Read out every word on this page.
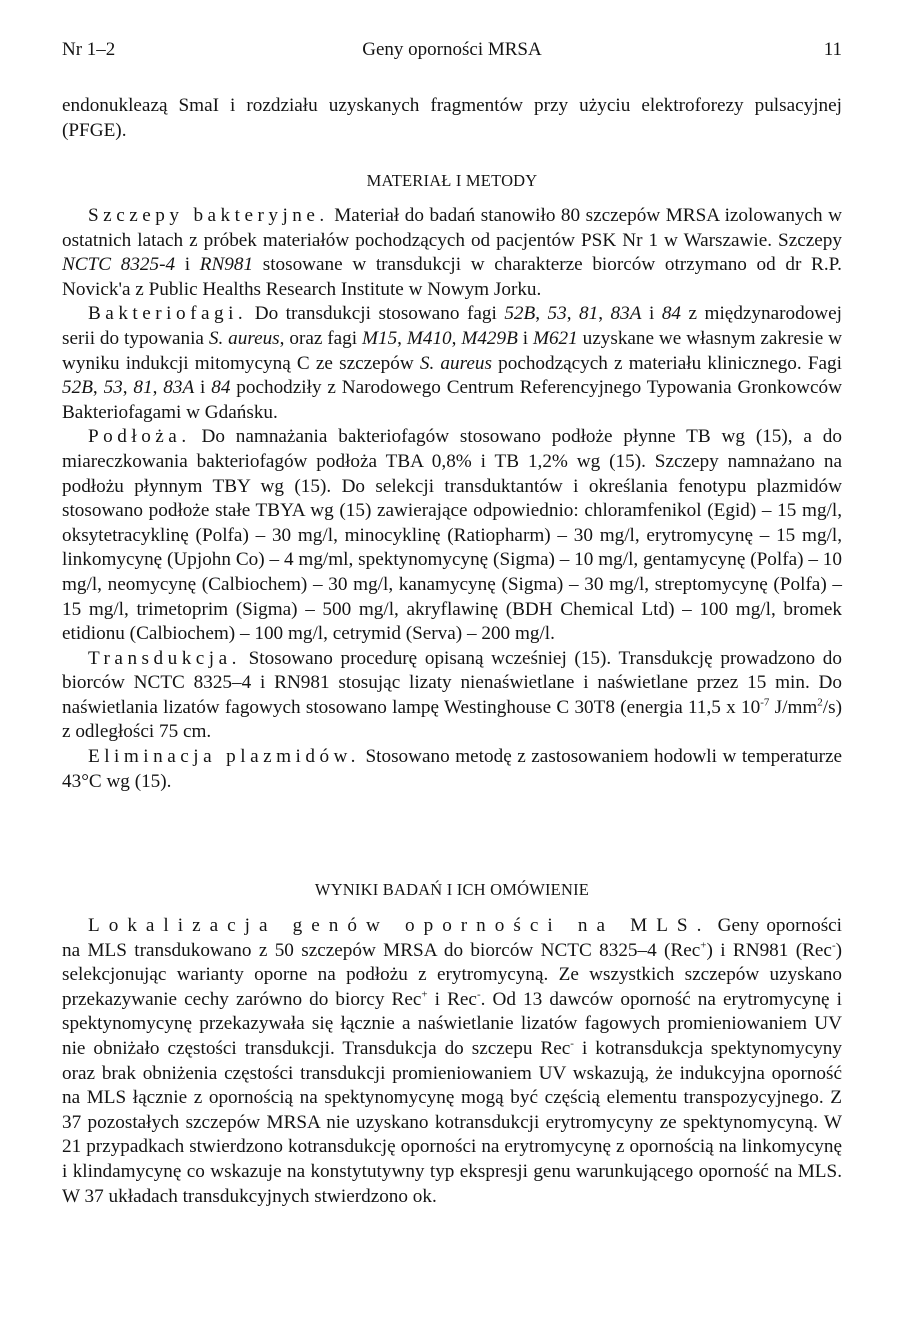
Nr 1–2	Geny oporności MRSA	11

endonukleazą SmaI i rozdziału uzyskanych fragmentów przy użyciu elektroforezy pulsacyjnej (PFGE).

MATERIAŁ I METODY

Szczepy bakteryjne. Materiał do badań stanowiło 80 szczepów MRSA izolowanych w ostatnich latach z próbek materiałów pochodzących od pacjentów PSK Nr 1 w Warszawie. Szczepy NCTC 8325-4 i RN981 stosowane w transdukcji w charakterze biorców otrzymano od dr R.P. Novick'a z Public Healths Research Institute w Nowym Jorku.

Bakteriofagi. Do transdukcji stosowano fagi 52B, 53, 81, 83A i 84 z międzynarodowej serii do typowania S. aureus, oraz fagi M15, M410, M429B i M621 uzyskane we własnym zakresie w wyniku indukcji mitomycyną C ze szczepów S. aureus pochodzących z materiału klinicznego. Fagi 52B, 53, 81, 83A i 84 pochodziły z Narodowego Centrum Referencyjnego Typowania Gronkowców Bakteriofagami w Gdańsku.

Podłoża. Do namnażania bakteriofagów stosowano podłoże płynne TB wg (15), a do miareczkowania bakteriofagów podłoża TBA 0,8% i TB 1,2% wg (15). Szczepy namnażano na podłożu płynnym TBY wg (15). Do selekcji transduktantów i określania fenotypu plazmidów stosowano podłoże stałe TBYA wg (15) zawierające odpowiednio: chloramfenikol (Egid) – 15 mg/l, oksytetracyklinę (Polfa) – 30 mg/l, minocyklinę (Ratiopharm) – 30 mg/l, erytromycynę – 15 mg/l, linkomycynę (Upjohn Co) – 4 mg/ml, spektynomycynę (Sigma) – 10 mg/l, gentamycynę (Polfa) – 10 mg/l, neomycynę (Calbiochem) – 30 mg/l, kanamycynę (Sigma) – 30 mg/l, streptomycynę (Polfa) – 15 mg/l, trimetoprim (Sigma) – 500 mg/l, akryflawinę (BDH Chemical Ltd) – 100 mg/l, bromek etidionu (Calbiochem) – 100 mg/l, cetrymid (Serva) – 200 mg/l.

Transdukcja. Stosowano procedurę opisaną wcześniej (15). Transdukcję prowadzono do biorców NCTC 8325–4 i RN981 stosując lizaty nienaświetlane i naświetlane przez 15 min. Do naświetlania lizatów fagowych stosowano lampę Westinghouse C 30T8 (energia 11,5 x $10^{-7}$ $J/mm^2/s$) z odległości 75 cm.

Eliminacja plazmidów. Stosowano metodę z zastosowaniem hodowli w temperaturze 43°C wg (15).

WYNIKI BADAŃ I ICH OMÓWIENIE

Lokalizacja genów oporności na MLS. Geny oporności na MLS transdukowano z 50 szczepów MRSA do biorców NCTC 8325–4 (Rec+) i RN981 (Rec-) selekcjonując warianty oporne na podłożu z erytromycyną. Ze wszystkich szczepów uzyskano przekazywanie cechy zarówno do biorcy Rec+ i Rec-. Od 13 dawców oporność na erytromycynę i spektynomycynę przekazywała się łącznie a naświetlanie lizatów fagowych promieniowaniem UV nie obniżało częstości transdukcji. Transdukcja do szczepu Rec- i kotransdukcja spektynomycyny oraz brak obniżenia częstości transdukcji promieniowaniem UV wskazują, że indukcyjna oporność na MLS łącznie z opornością na spektynomycynę mogą być częścią elementu transpozycyjnego. Z 37 pozostałych szczepów MRSA nie uzyskano kotransdukcji erytromycyny ze spektynomycyną. W 21 przypadkach stwierdzono kotransdukcję oporności na erytromycynę z opornością na linkomycynę i klindamycynę co wskazuje na konstytutywny typ ekspresji genu warunkującego oporność na MLS. W 37 układach transdukcyjnych stwierdzono ok.
